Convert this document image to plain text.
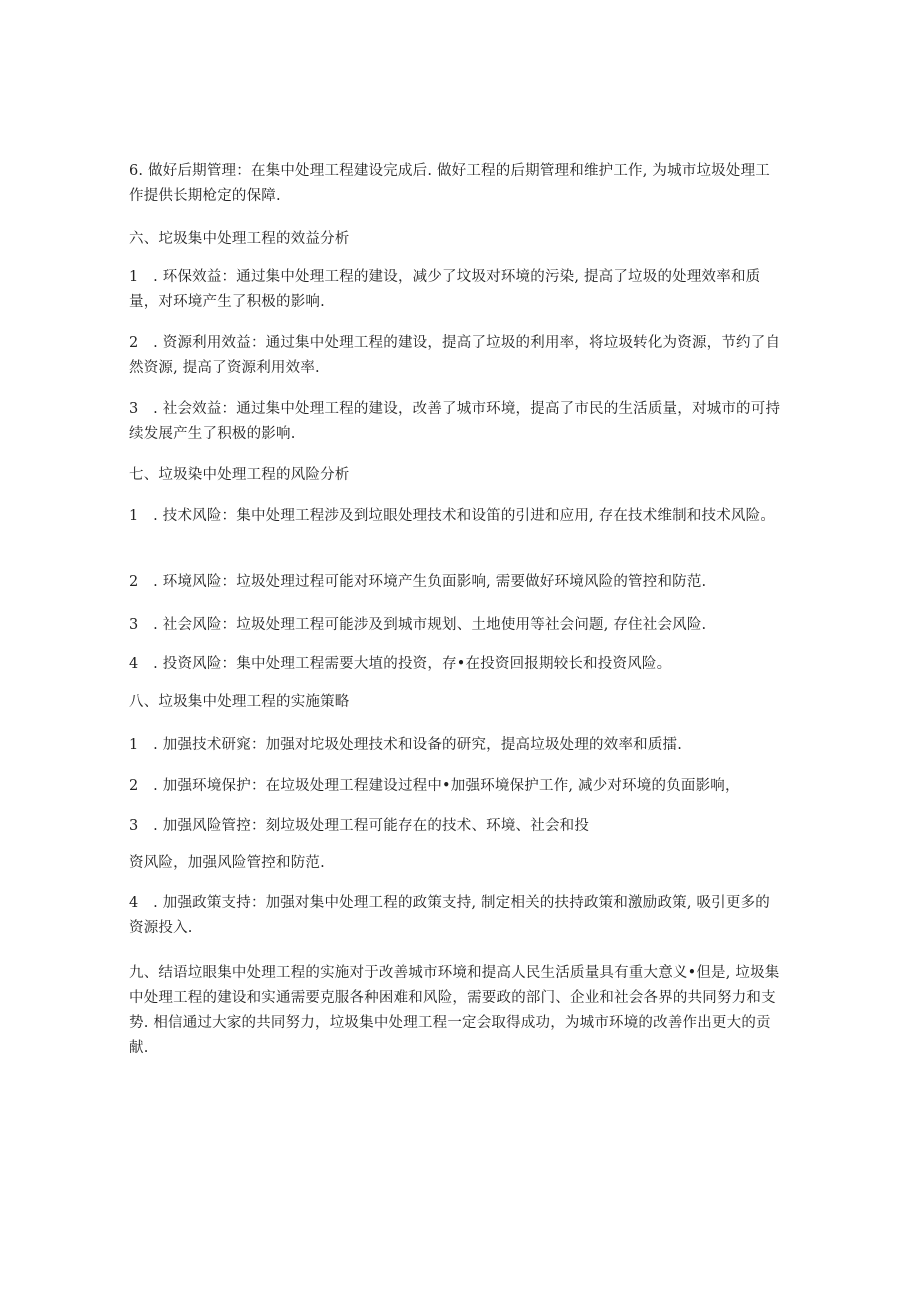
6. 做好后期管理：在集中处理工程建设完成后. 做好工程的后期管理和维护工作, 为城市垃圾处理工作提供长期枪定的保障.

六、坨圾集中处理工程的效益分析

1　. 环保效益：通过集中处理工程的建设，减少了坟圾对环境的污染, 提高了垃圾的处理效率和质量，对环境产生了积极的影响.

2　. 资源利用效益：通过集中处理工程的建设，提高了垃圾的利用率，将垃圾转化为资源，节约了自然资源, 提高了资源利用效率.

3　. 社会效益：通过集中处理工程的建设，改善了城市环境，提高了市民的生活质量，对城市的可持续发展产生了积极的影响.

七、垃圾染中处理工程的风险分析

1　. 技术风险：集中处理工程涉及到垃眼处理技术和设笛的引进和应用, 存在技术维制和技术风险。

2　. 环境风险：垃圾处理过程可能对环境产生负面影响, 需要做好环境风险的管控和防范.

3　. 社会风险：垃圾处理工程可能涉及到城市规划、土地使用等社会问题, 存住社会风险.

4　. 投资风险：集中处理工程需要大埴的投资，存•在投资回报期较长和投资风险。

八、垃圾集中处理工程的实施策略

1　. 加强技术研窕：加强对坨圾处理技术和设备的研究，提高垃圾处理的效率和质擂.

2　. 加强环境保护：在垃圾处理工程建设过程中•加强环境保护工作, 减少对环境的负面影响，

3　. 加强风险管控：刻垃圾处理工程可能存在的技术、环境、社会和投

资风险，加强风险管控和防范.

4　. 加强政策支持：加强对集中处理工程的政策支持, 制定相关的扶持政策和激励政策, 吸引更多的资源投入.

九、结语垃眼集中处理工程的实施对于改善城市环境和提高人民生活质量具有重大意义•但是, 垃圾集中处理工程的建设和实通需要克服各种困难和风险，需要政的部门、企业和社会各界的共同努力和支势. 相信通过大家的共同努力，垃圾集中处理工程一定会取得成功，为城市环境的改善作出更大的贡献.
